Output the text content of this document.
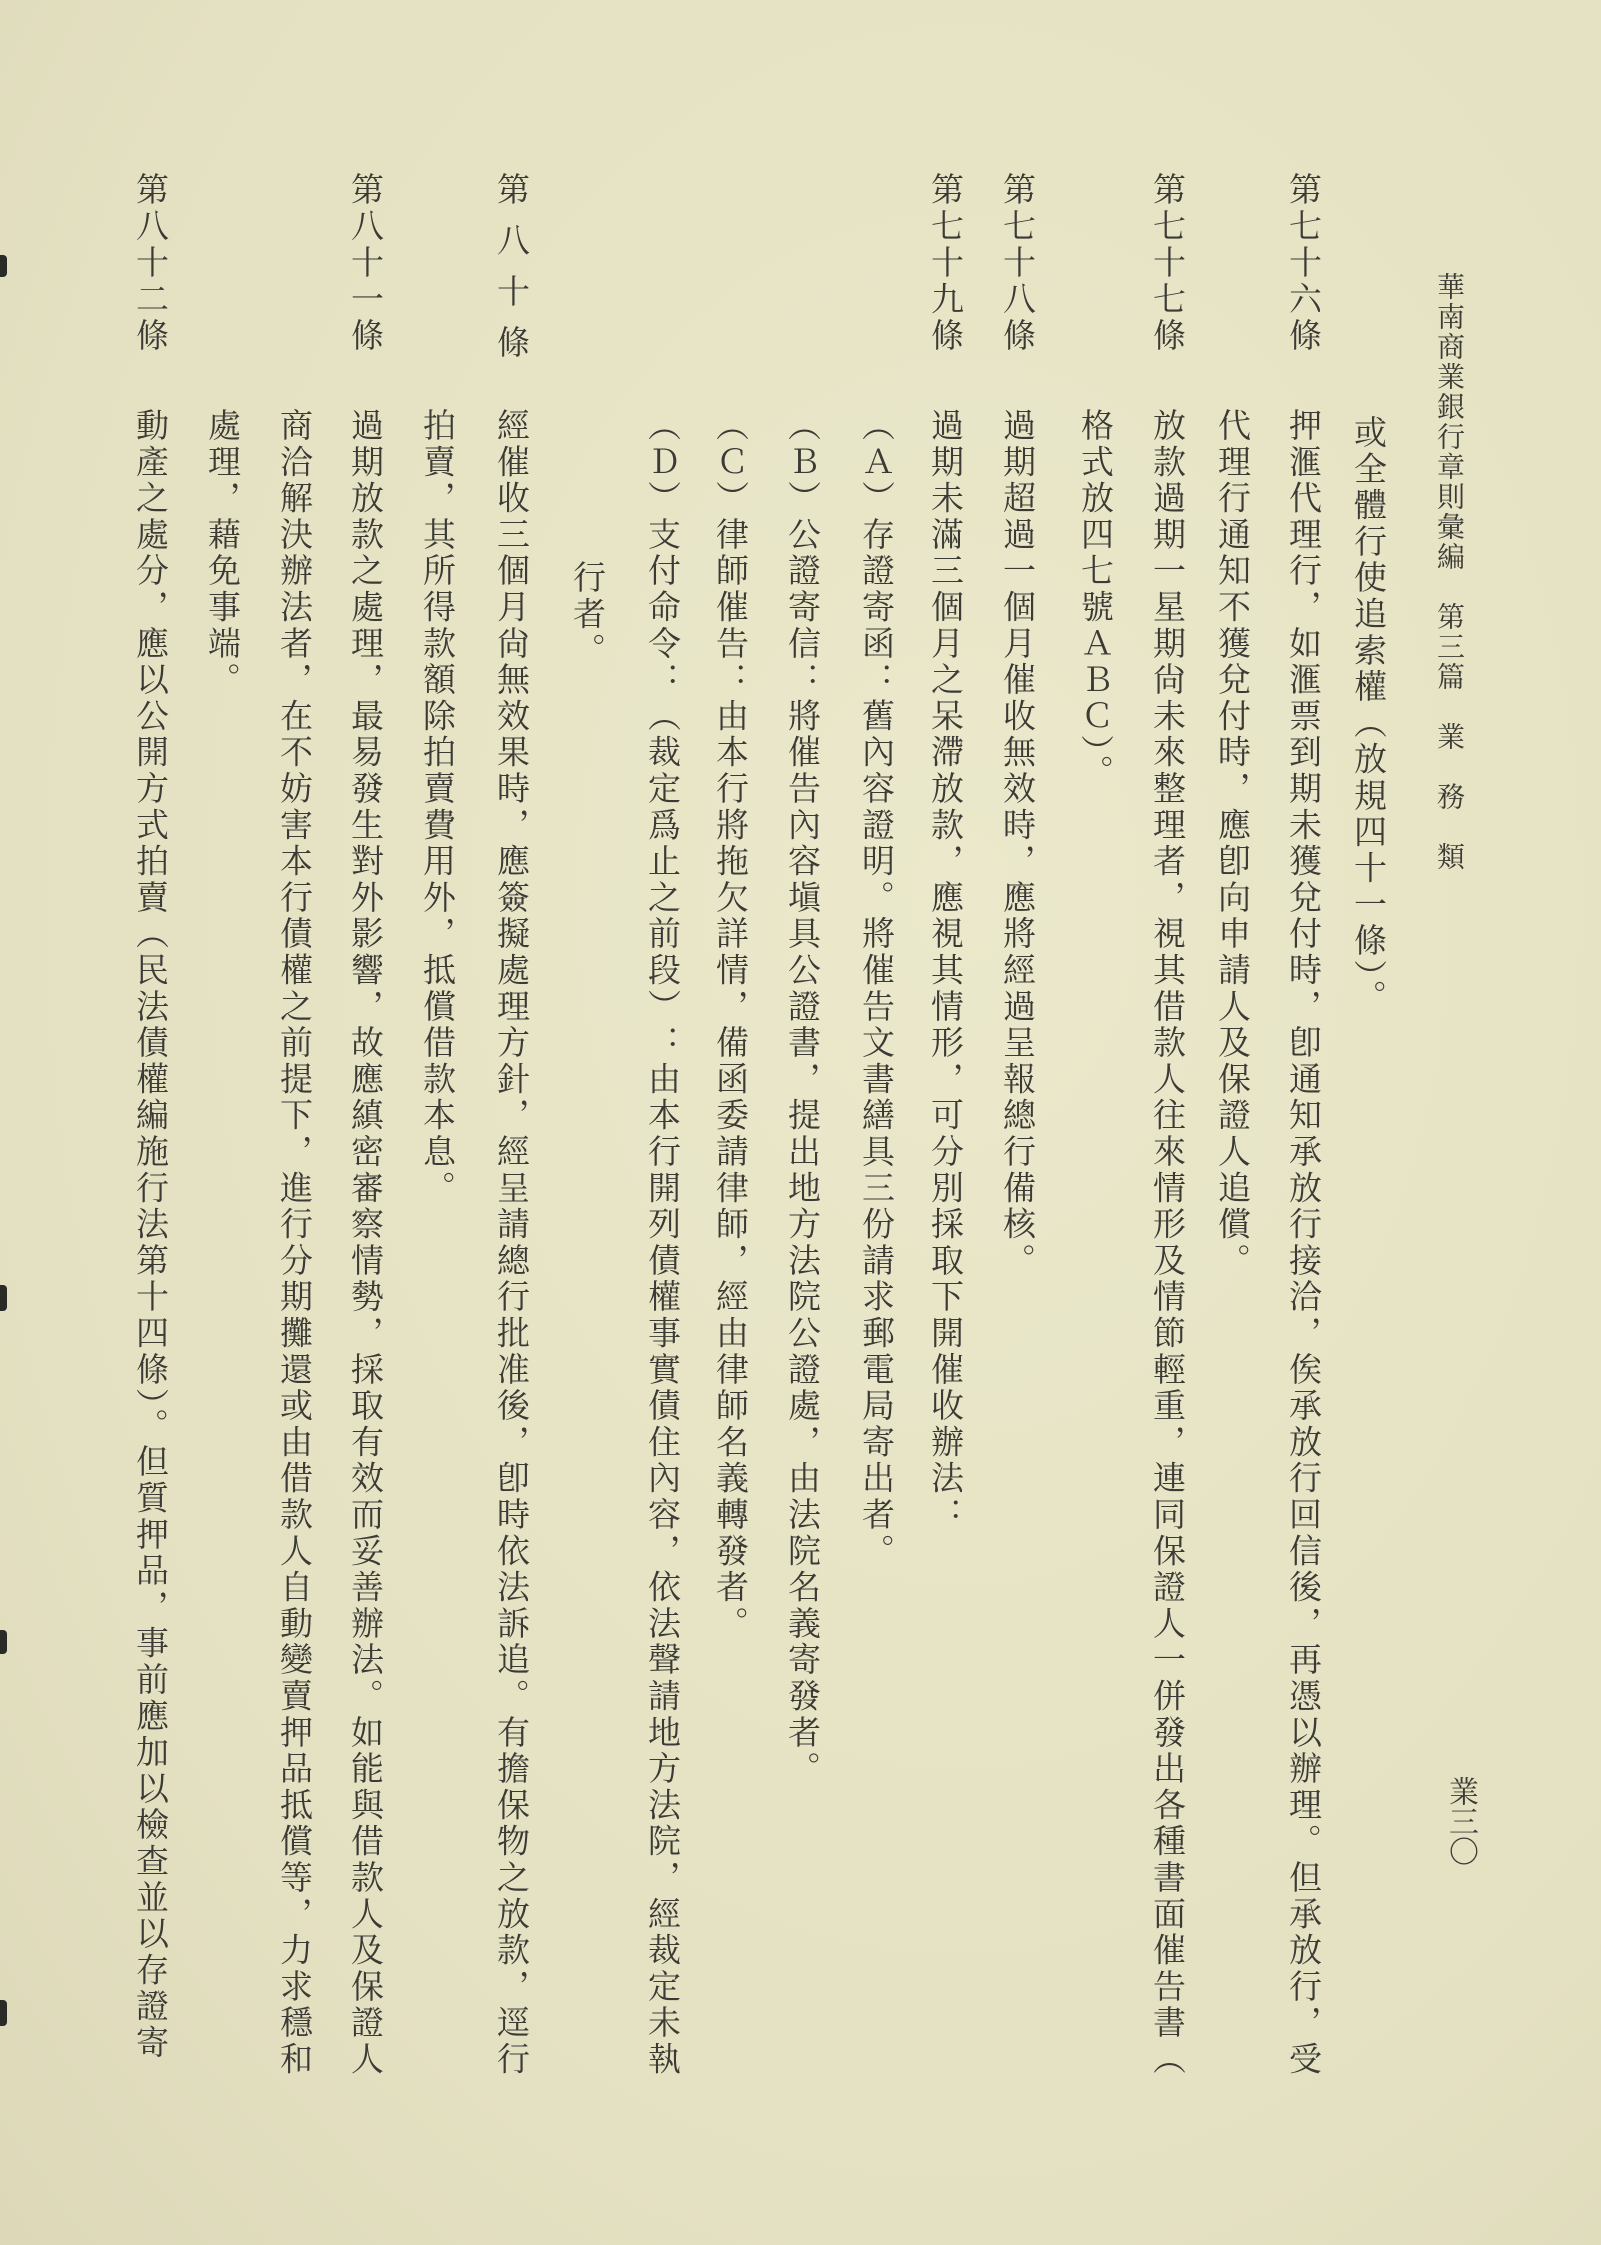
華南商業銀行章則彙編　第三篇　業　務　類
業三〇
或全體行使追索權（放規四十一條）。
第七十六條
押滙代理行，如滙票到期未獲兌付時，卽通知承放行接洽，俟承放行回信後，再憑以辦理。但承放行，受
代理行通知不獲兌付時，應卽向申請人及保證人追償。
第七十七條
放款過期一星期尙未來整理者，視其借款人往來情形及情節輕重，連同保證人一併發出各種書面催告書（
格式放四七號ＡＢＣ）。
第七十八條
過期超過一個月催收無效時，應將經過呈報總行備核。
第七十九條
過期未滿三個月之呆滯放款，應視其情形，可分別採取下開催收辦法：
（Ａ）存證寄函：舊內容證明。將催告文書繕具三份請求郵電局寄出者。
（Ｂ）公證寄信：將催告內容塡具公證書，提出地方法院公證處，由法院名義寄發者。
（Ｃ）律師催告：由本行將拖欠詳情，備函委請律師，經由律師名義轉發者。
（Ｄ）支付命令：（裁定爲止之前段）：由本行開列債權事實債住內容，依法聲請地方法院，經裁定未執
行者。
第八十條
經催收三個月尙無效果時，應簽擬處理方針，經呈請總行批准後，卽時依法訴追。有擔保物之放款，逕行
拍賣，其所得款額除拍賣費用外，抵償借款本息。
第八十一條
過期放款之處理，最易發生對外影響，故應縝密審察情勢，採取有效而妥善辦法。如能與借款人及保證人
商洽解決辦法者，在不妨害本行債權之前提下，進行分期攤還或由借款人自動變賣押品抵償等，力求穩和
處理，藉免事端。
第八十二條
動產之處分，應以公開方式拍賣（民法債權編施行法第十四條）。但質押品，事前應加以檢查並以存證寄
